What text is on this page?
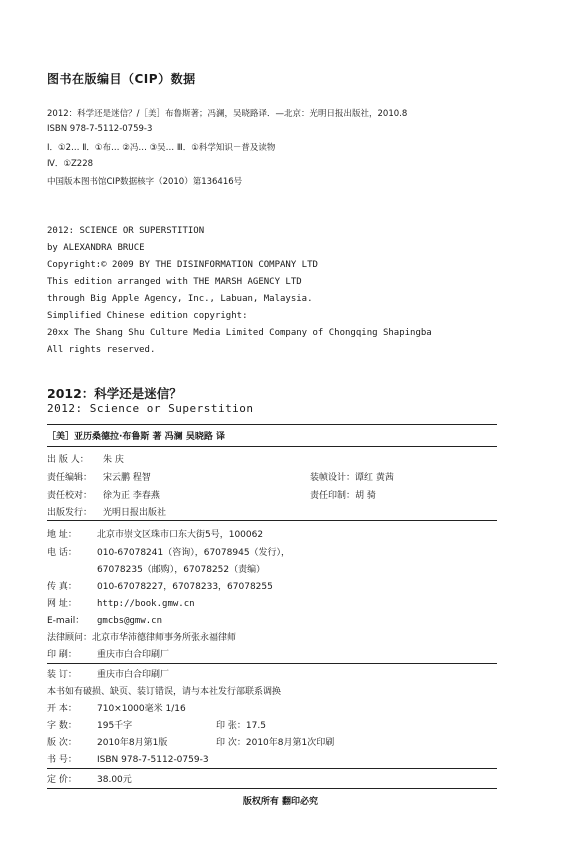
图书在版编目（CIP）数据
2012：科学还是迷信？/［美］布鲁斯著；冯澜，吴晓路译．—北京：光明日报出版社，2010.8
ISBN 978-7-5112-0759-3
Ⅰ．①2… Ⅱ．①布… ②冯… ③吴… Ⅲ．①科学知识－普及读物
Ⅳ．①Z228
中国版本图书馆CIP数据核字（2010）第136416号
2012: SCIENCE OR SUPERSTITION
by ALEXANDRA BRUCE
Copyright:© 2009 BY THE DISINFORMATION COMPANY LTD
This edition arranged with THE MARSH AGENCY LTD
through Big Apple Agency, Inc., Labuan, Malaysia.
Simplified Chinese edition copyright:
20xx The Shang Shu Culture Media Limited Company of Chongqing Shapingba
All rights reserved.
2012：科学还是迷信？
2012: Science or Superstition
［美］亚历桑德拉·布鲁斯 著 冯澜 吴晓路 译
出 版 人： 朱 庆
责任编辑： 宋云鹏 程智	装帧设计：谭红 黄茜
责任校对： 徐为正 李春燕	责任印制：胡 骑
出版发行： 光明日报出版社
地 址： 北京市崇文区珠市口东大街5号，100062
电 话： 010-67078241（咨询），67078945（发行），
67078235（邮购），67078252（责编）
传 真： 010-67078227，67078233，67078255
网 址： http://book.gmw.cn
E-mail： gmcbs@gmw.cn
法律顾问：北京市华沛德律师事务所张永福律师
印 刷： 重庆市白合印刷厂
装 订： 重庆市白合印刷厂
本书如有破损、缺页、装订错误，请与本社发行部联系调换
开 本： 710×1000毫米 1/16
字 数： 195千字	印 张：17.5
版 次： 2010年8月第1版	印 次：2010年8月第1次印刷
书 号： ISBN 978-7-5112-0759-3
定 价： 38.00元
版权所有 翻印必究
